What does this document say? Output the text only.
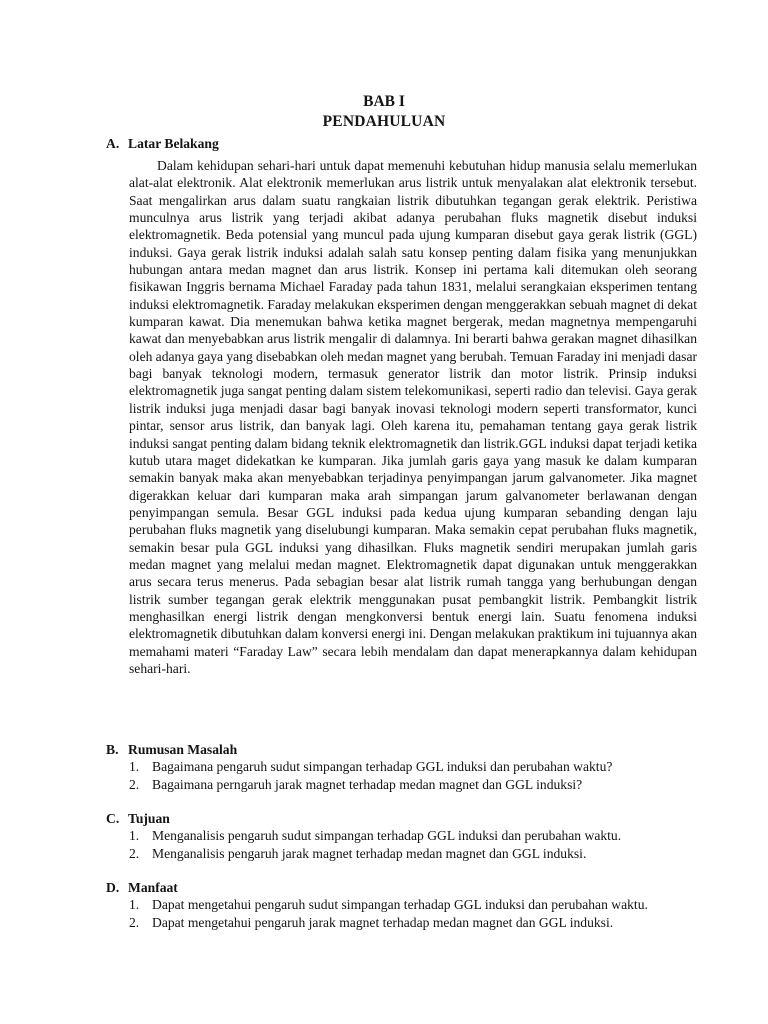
BAB I
PENDAHULUAN
A. Latar Belakang

Dalam kehidupan sehari-hari untuk dapat memenuhi kebutuhan hidup manusia selalu memerlukan alat-alat elektronik. Alat elektronik memerlukan arus listrik untuk menyalakan alat elektronik tersebut. Saat mengalirkan arus dalam suatu rangkaian listrik dibutuhkan tegangan gerak elektrik. Peristiwa munculnya arus listrik yang terjadi akibat adanya perubahan fluks magnetik disebut induksi elektromagnetik. Beda potensial yang muncul pada ujung kumparan disebut gaya gerak listrik (GGL) induksi. Gaya gerak listrik induksi adalah salah satu konsep penting dalam fisika yang menunjukkan hubungan antara medan magnet dan arus listrik. Konsep ini pertama kali ditemukan oleh seorang fisikawan Inggris bernama Michael Faraday pada tahun 1831, melalui serangkaian eksperimen tentang induksi elektromagnetik. Faraday melakukan eksperimen dengan menggerakkan sebuah magnet di dekat kumparan kawat. Dia menemukan bahwa ketika magnet bergerak, medan magnetnya mempengaruhi kawat dan menyebabkan arus listrik mengalir di dalamnya. Ini berarti bahwa gerakan magnet dihasilkan oleh adanya gaya yang disebabkan oleh medan magnet yang berubah. Temuan Faraday ini menjadi dasar bagi banyak teknologi modern, termasuk generator listrik dan motor listrik. Prinsip induksi elektromagnetik juga sangat penting dalam sistem telekomunikasi, seperti radio dan televisi. Gaya gerak listrik induksi juga menjadi dasar bagi banyak inovasi teknologi modern seperti transformator, kunci pintar, sensor arus listrik, dan banyak lagi. Oleh karena itu, pemahaman tentang gaya gerak listrik induksi sangat penting dalam bidang teknik elektromagnetik dan listrik.GGL induksi dapat terjadi ketika kutub utara maget didekatkan ke kumparan. Jika jumlah garis gaya yang masuk ke dalam kumparan semakin banyak maka akan menyebabkan terjadinya penyimpangan jarum galvanometer. Jika magnet digerakkan keluar dari kumparan maka arah simpangan jarum galvanometer berlawanan dengan penyimpangan semula. Besar GGL induksi pada kedua ujung kumparan sebanding dengan laju perubahan fluks magnetik yang diselubungi kumparan. Maka semakin cepat perubahan fluks magnetik, semakin besar pula GGL induksi yang dihasilkan. Fluks magnetik sendiri merupakan jumlah garis medan magnet yang melalui medan magnet. Elektromagnetik dapat digunakan untuk menggerakkan arus secara terus menerus. Pada sebagian besar alat listrik rumah tangga yang berhubungan dengan listrik sumber tegangan gerak elektrik menggunakan pusat pembangkit listrik. Pembangkit listrik menghasilkan energi listrik dengan mengkonversi bentuk energi lain. Suatu fenomena induksi elektromagnetik dibutuhkan dalam konversi energi ini. Dengan melakukan praktikum ini tujuannya akan memahami materi “Faraday Law” secara lebih mendalam dan dapat menerapkannya dalam kehidupan sehari-hari.

B. Rumusan Masalah
1. Bagaimana pengaruh sudut simpangan terhadap GGL induksi dan perubahan waktu?
2. Bagaimana perngaruh jarak magnet terhadap medan magnet dan GGL induksi?
C. Tujuan
1. Menganalisis pengaruh sudut simpangan terhadap GGL induksi dan perubahan waktu.
2. Menganalisis pengaruh jarak magnet terhadap medan magnet dan GGL induksi.
D. Manfaat
1. Dapat mengetahui pengaruh sudut simpangan terhadap GGL induksi dan perubahan waktu.
2. Dapat mengetahui pengaruh jarak magnet terhadap medan magnet dan GGL induksi.
